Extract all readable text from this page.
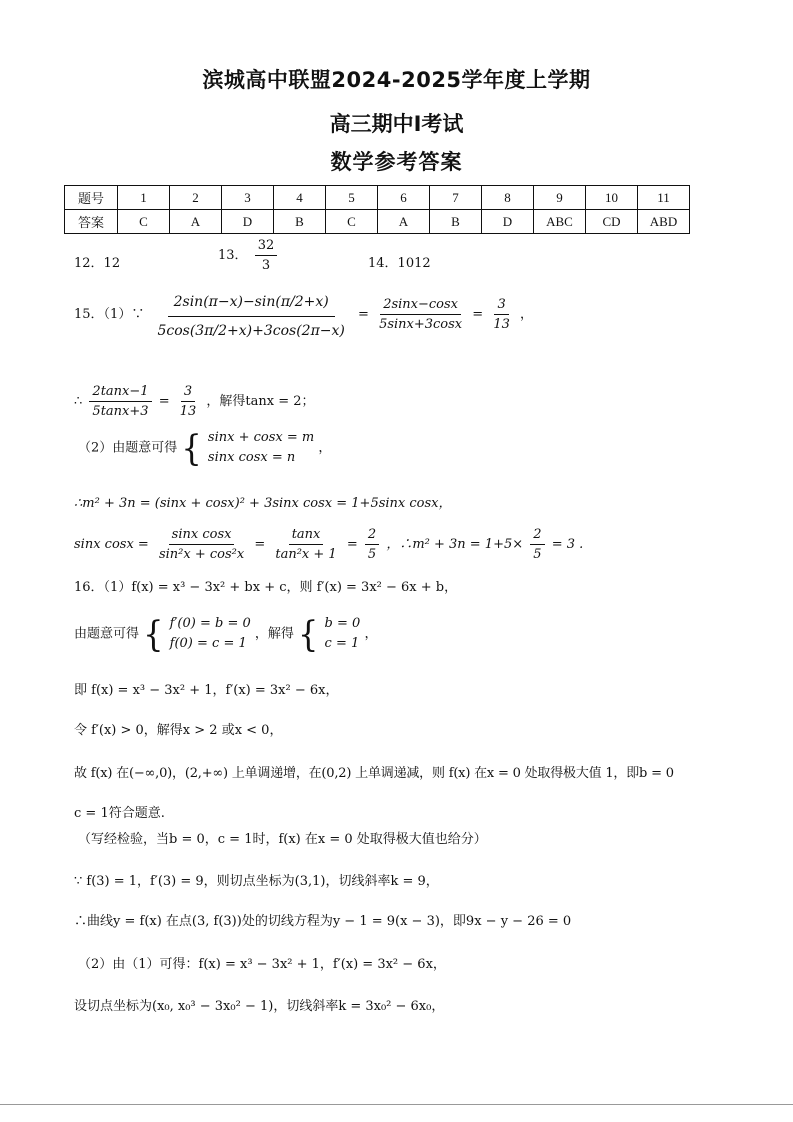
滨城高中联盟2024-2025学年度上学期
高三期中Ⅰ考试
数学参考答案
题号	1	2	3	4	5	6	7	8	9	10	11
答案	C	A	D	B	C	A	B	D	ABC	CD	ABD
12．12
13． $\frac{32}{3}$	14．1012
15．（1）∵ $\frac{2\sin(\pi-x)-\sin(\pi/2+x)}{5\cos(3\pi/2+x)+3\cos(2\pi-x)} = \frac{2\sin x-\cos x}{5\sin x+3\cos x} = \frac{3}{13}$ ，
∴ $\frac{2\tan x-1}{5\tan x+3} = \frac{3}{13}$ ，解得tanx = 2；
（2）由题意可得 { sinx + cosx = m
sinx cosx = n
，
∴m² + 3n = (sinx + cosx)² + 3sinx cosx = 1+5sinx cosx，
sinx $\cos x = \frac{\text{sinx cosx}}{\text{sin²x + cos²x}} = \frac{\tan x}{\text{tan²x + 1}} = \frac{2}{5}$ ，∴m² + $3n = 1+5\times \frac{2}{5} = 3$ .
16．（1）f(x) = x³ − 3x² + bx + c，则 f′(x) = 3x² − 6x + b，
由题意可得 { f′(0) = b = 0
f(0) = c = 1
，解得 { b = 0
c = 1
，
即 f(x) = x³ − 3x² + 1，f′(x) = 3x² − 6x，
令 f′(x) > 0，解得x > 2 或x < 0，
故 f(x) 在(−∞,0)，(2,+∞) 上单调递增，在(0,2) 上单调递减，则 f(x) 在x = 0 处取得极大值 1，即b = 0
c = 1符合题意.
（写经检验，当b = 0，c = 1时，f(x) 在x = 0 处取得极大值也给分）
∵ f(3) = 1，f′(3) = 9，则切点坐标为(3,1)，切线斜率k = 9，
∴曲线y = f(x) 在点(3, f(3))处的切线方程为y − 1 = 9(x − 3)，即9x − y − 26 = 0
（2）由（1）可得：f(x) = x³ − 3x² + 1，f′(x) = 3x² − 6x，
设切点坐标为(x₀, x₀³ − 3x₀² − 1)，切线斜率k = 3x₀² − 6x₀，
